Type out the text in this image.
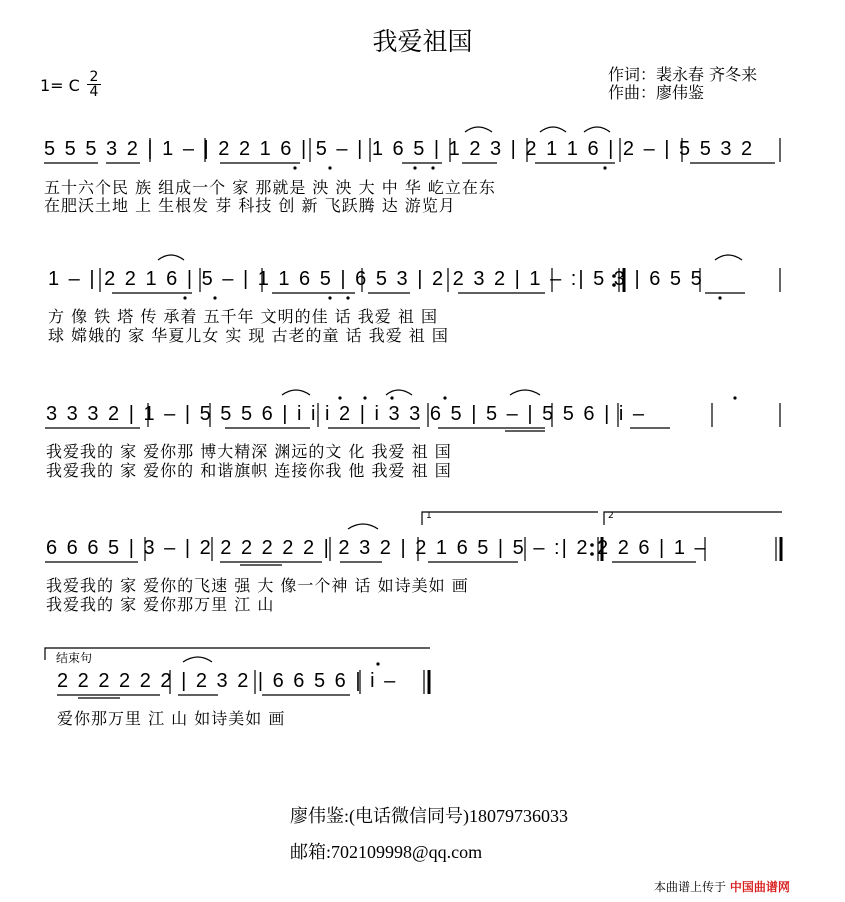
我爱祖国
作词：裴永春 齐冬来
作曲：廖伟鉴
1= C 2
4
5 5 5 3 2 | 1 – | 2 2 1 6 | 5 – | 1 6 5 | 1 2 3 | 2 1 1 6 | 2 – | 5 5 3 2
五十六个民 族 组成一个 家 那就是 泱 泱 大 中 华 屹立在东
在肥沃土地 上 生根发 芽 科技 创 新 飞跃腾 达 游览月
1 – | 2 2 1 6 | 5 – | 1 1 6 5 | 6 5 3 | 2 2 3 2 | 1 – :| 5 3 | 6 5 5
方 像 铁 塔 传 承着 五千年 文明的佳 话 我爱 祖 国
球 嫦娥的 家 华夏儿女 实 现 古老的童 话 我爱 祖 国
3 3 3 2 | 1 – | 5 5 5 6 | i i i 2 | i 3 3 6 5 | 5 – | 5 5 6 | i –
我爱我的 家 爱你那 博大精深 渊远的文 化 我爱 祖 国
我爱我的 家 爱你的 和谐旗帜 连接你我 他 我爱 祖 国
1	2
6 6 6 5 | 3 – | 2 2 2 2 2 2 | 2 3 2 | 2 1 6 5 | 5 – :| 2 2 2 6 | 1 –
我爱我的 家 爱你的飞速 强 大 像一个神 话 如诗美如 画
我爱我的 家 爱你那万里 江 山
结束句
2 2 2 2 2 2 | 2 3 2 | 6 6 5 6 | i –
爱你那万里 江 山 如诗美如 画
廖伟鉴:(电话微信同号)18079736033
邮箱:702109998@qq.com
本曲谱上传于 中国曲谱网
